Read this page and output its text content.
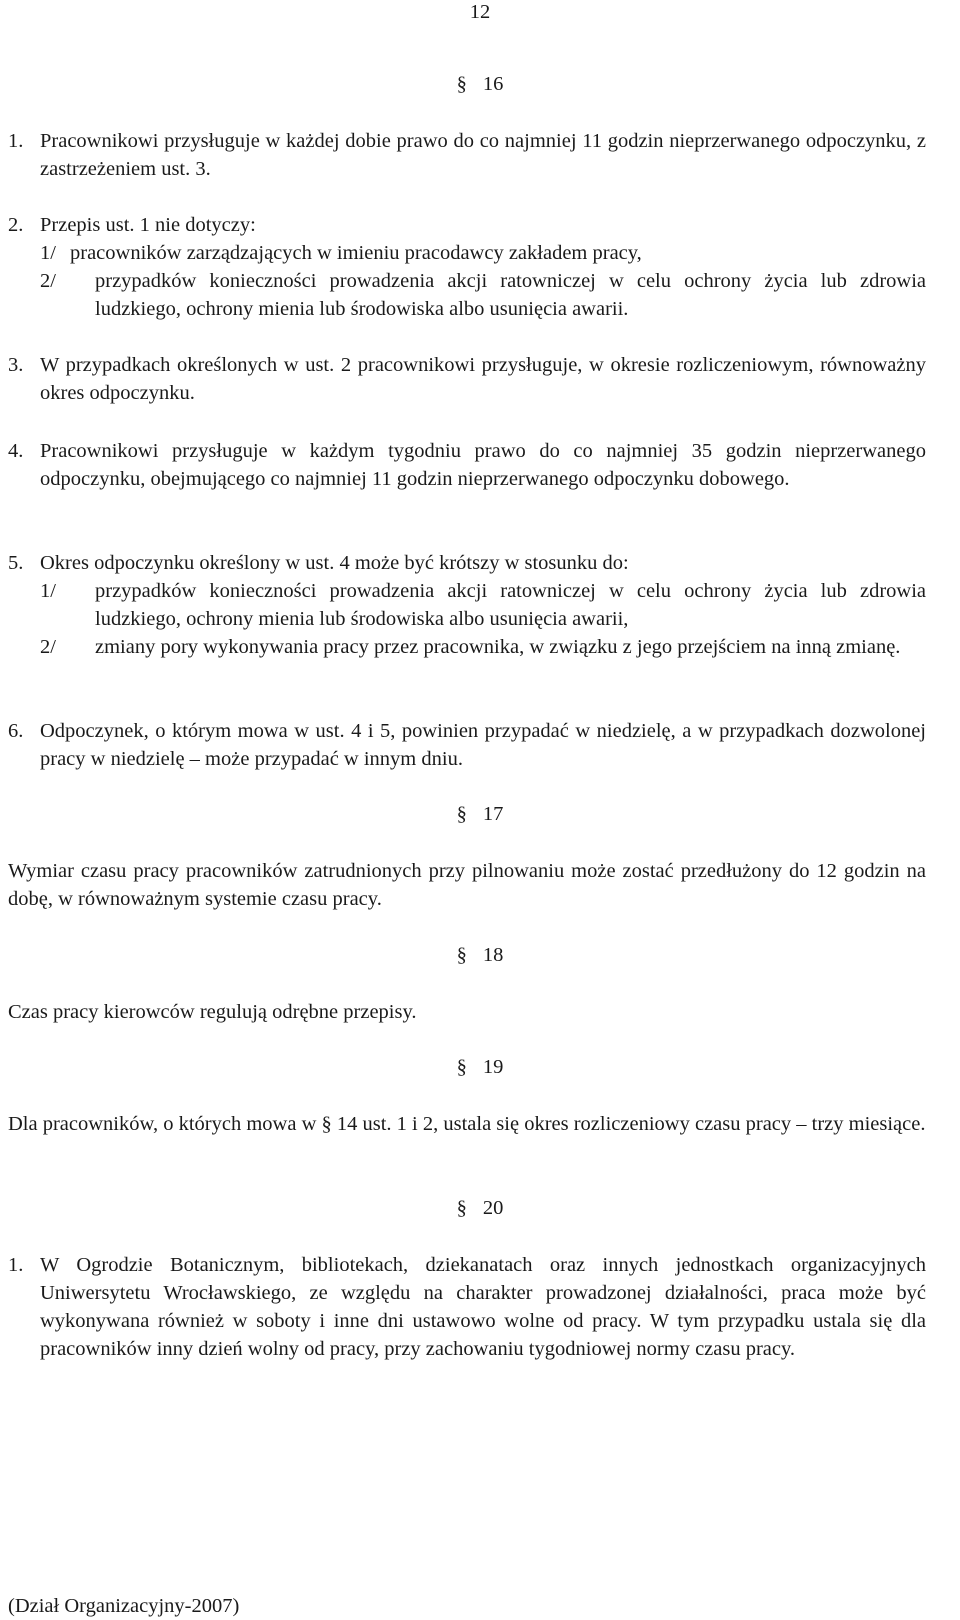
12
§ 16
1. Pracownikowi przysługuje w każdej dobie prawo do co najmniej 11 godzin nieprzerwanego odpoczynku, z zastrzeżeniem ust. 3.
2. Przepis ust. 1 nie dotyczy:
1/ pracowników zarządzających w imieniu pracodawcy zakładem pracy,
2/ przypadków konieczności prowadzenia akcji ratowniczej w celu ochrony życia lub zdrowia ludzkiego, ochrony mienia lub środowiska albo usunięcia awarii.
3. W przypadkach określonych w ust. 2 pracownikowi przysługuje, w okresie rozliczeniowym, równoważny okres odpoczynku.
4. Pracownikowi przysługuje w każdym tygodniu prawo do co najmniej 35 godzin nieprzerwanego odpoczynku, obejmującego co najmniej 11 godzin nieprzerwanego odpoczynku dobowego.
5. Okres odpoczynku określony w ust. 4 może być krótszy w stosunku do:
1/ przypadków konieczności prowadzenia akcji ratowniczej w celu ochrony życia lub zdrowia ludzkiego, ochrony mienia lub środowiska albo usunięcia awarii,
2/ zmiany pory wykonywania pracy przez pracownika, w związku z jego przejściem na inną zmianę.
6. Odpoczynek, o którym mowa w ust. 4 i 5, powinien przypadać w niedzielę, a w przypadkach dozwolonej pracy w niedzielę – może przypadać w innym dniu.
§ 17
Wymiar czasu pracy pracowników zatrudnionych przy pilnowaniu może zostać przedłużony do 12 godzin na dobę, w równoważnym systemie czasu pracy.
§ 18
Czas pracy kierowców regulują odrębne przepisy.
§ 19
Dla pracowników, o których mowa w § 14 ust. 1 i 2, ustala się okres rozliczeniowy czasu pracy – trzy miesiące.
§ 20
1. W Ogrodzie Botanicznym, bibliotekach, dziekanatach oraz innych jednostkach organizacyjnych Uniwersytetu Wrocławskiego, ze względu na charakter prowadzonej działalności, praca może być wykonywana również w soboty i inne dni ustawowo wolne od pracy. W tym przypadku ustala się dla pracowników inny dzień wolny od pracy, przy zachowaniu tygodniowej normy czasu pracy.
(Dział Organizacyjny-2007)
